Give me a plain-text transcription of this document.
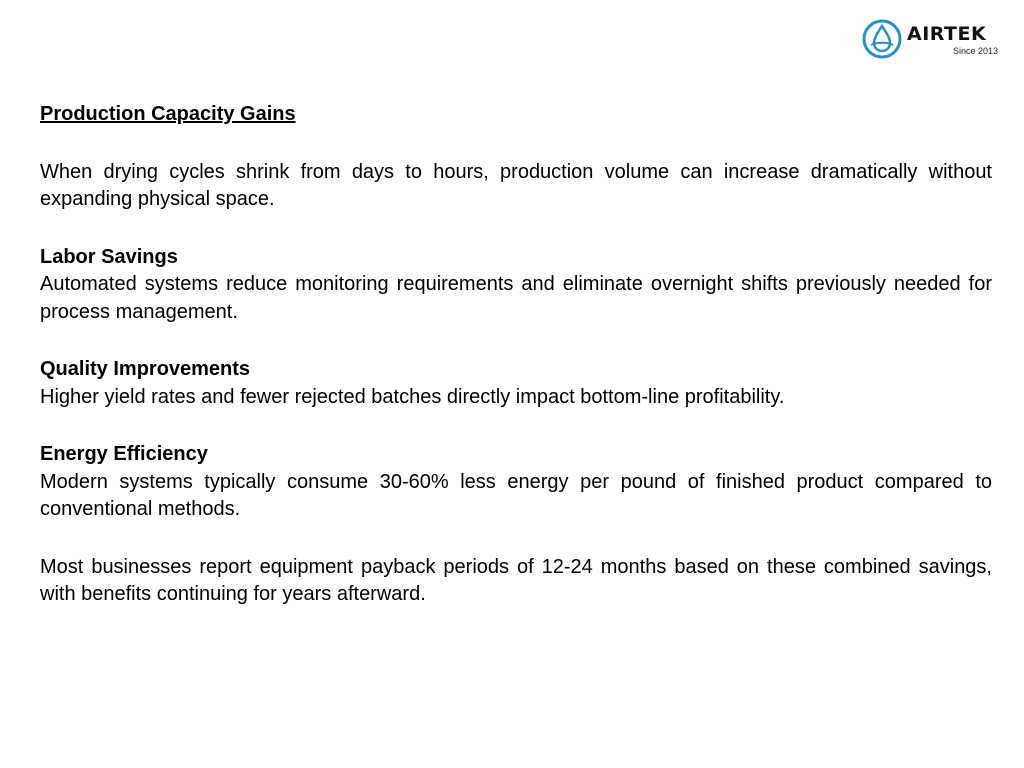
AIRTEK
Since 2013

Production Capacity Gains

When drying cycles shrink from days to hours, production volume can increase dramatically without expanding physical space.

Labor Savings

Automated systems reduce monitoring requirements and eliminate overnight shifts previously needed for process management.

Quality Improvements

Higher yield rates and fewer rejected batches directly impact bottom-line profitability.

Energy Efficiency

Modern systems typically consume 30-60% less energy per pound of finished product compared to conventional methods.

Most businesses report equipment payback periods of 12-24 months based on these combined savings, with benefits continuing for years afterward.
